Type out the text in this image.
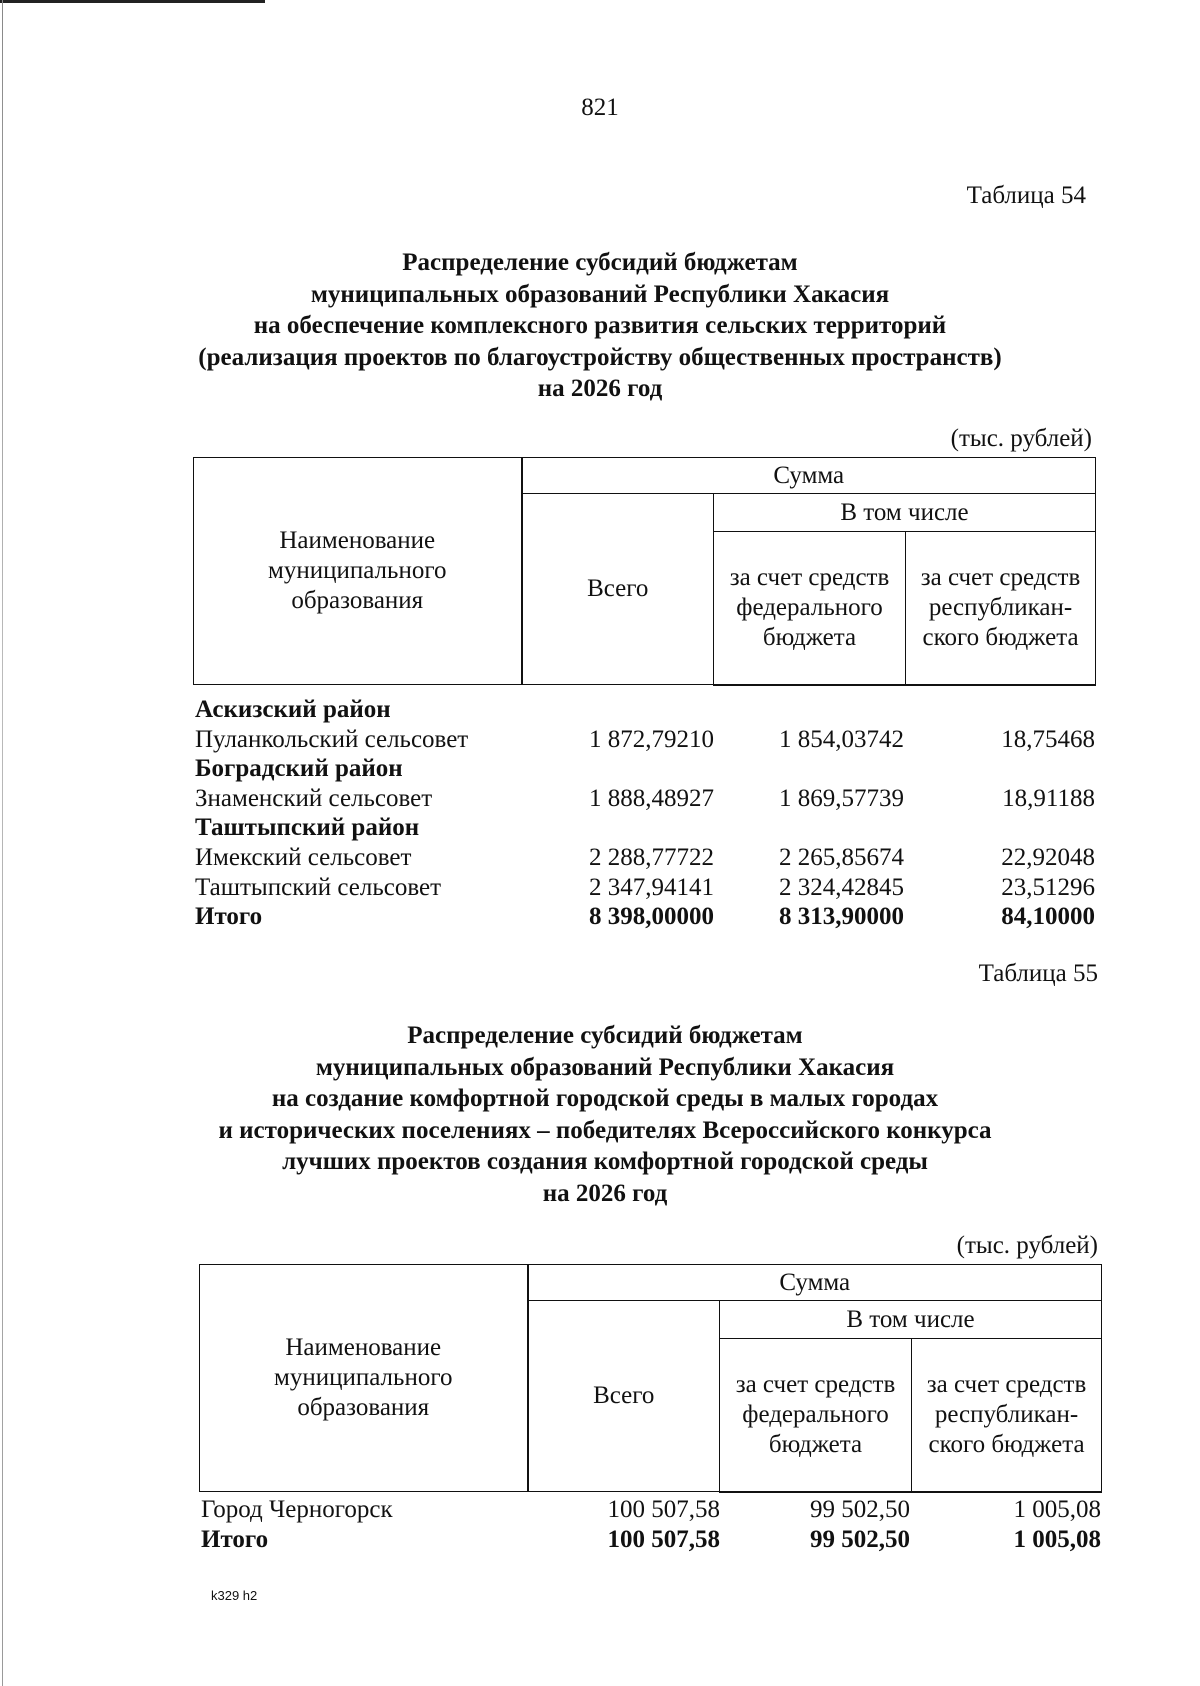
821
Таблица 54
Распределение субсидий бюджетам
муниципальных образований Республики Хакасия
на обеспечение комплексного развития сельских территорий
(реализация проектов по благоустройству общественных пространств)
на 2026 год
(тыс. рублей)
Наименование муниципального образования	Сумма		
	Всего	В том числе	
		за счет средств федерального бюджета	за счет средств республикан-ского бюджета
Аскизский район
Пуланкольский сельсовет	1 872,79210	1 854,03742	18,75468
Боградский район
Знаменский сельсовет	1 888,48927	1 869,57739	18,91188
Таштыпский район
Имекский сельсовет	2 288,77722	2 265,85674	22,92048
Таштыпский сельсовет	2 347,94141	2 324,42845	23,51296
Итого	8 398,00000	8 313,90000	84,10000
Таблица 55
Распределение субсидий бюджетам
муниципальных образований Республики Хакасия
на создание комфортной городской среды в малых городах
и исторических поселениях – победителях Всероссийского конкурса
лучших проектов создания комфортной городской среды
на 2026 год
(тыс. рублей)
Наименование муниципального образования	Сумма		
	Всего	В том числе	
		за счет средств федерального бюджета	за счет средств республикан-ского бюджета
Город Черногорск	100 507,58	99 502,50	1 005,08
Итого	100 507,58	99 502,50	1 005,08
k329 h2
